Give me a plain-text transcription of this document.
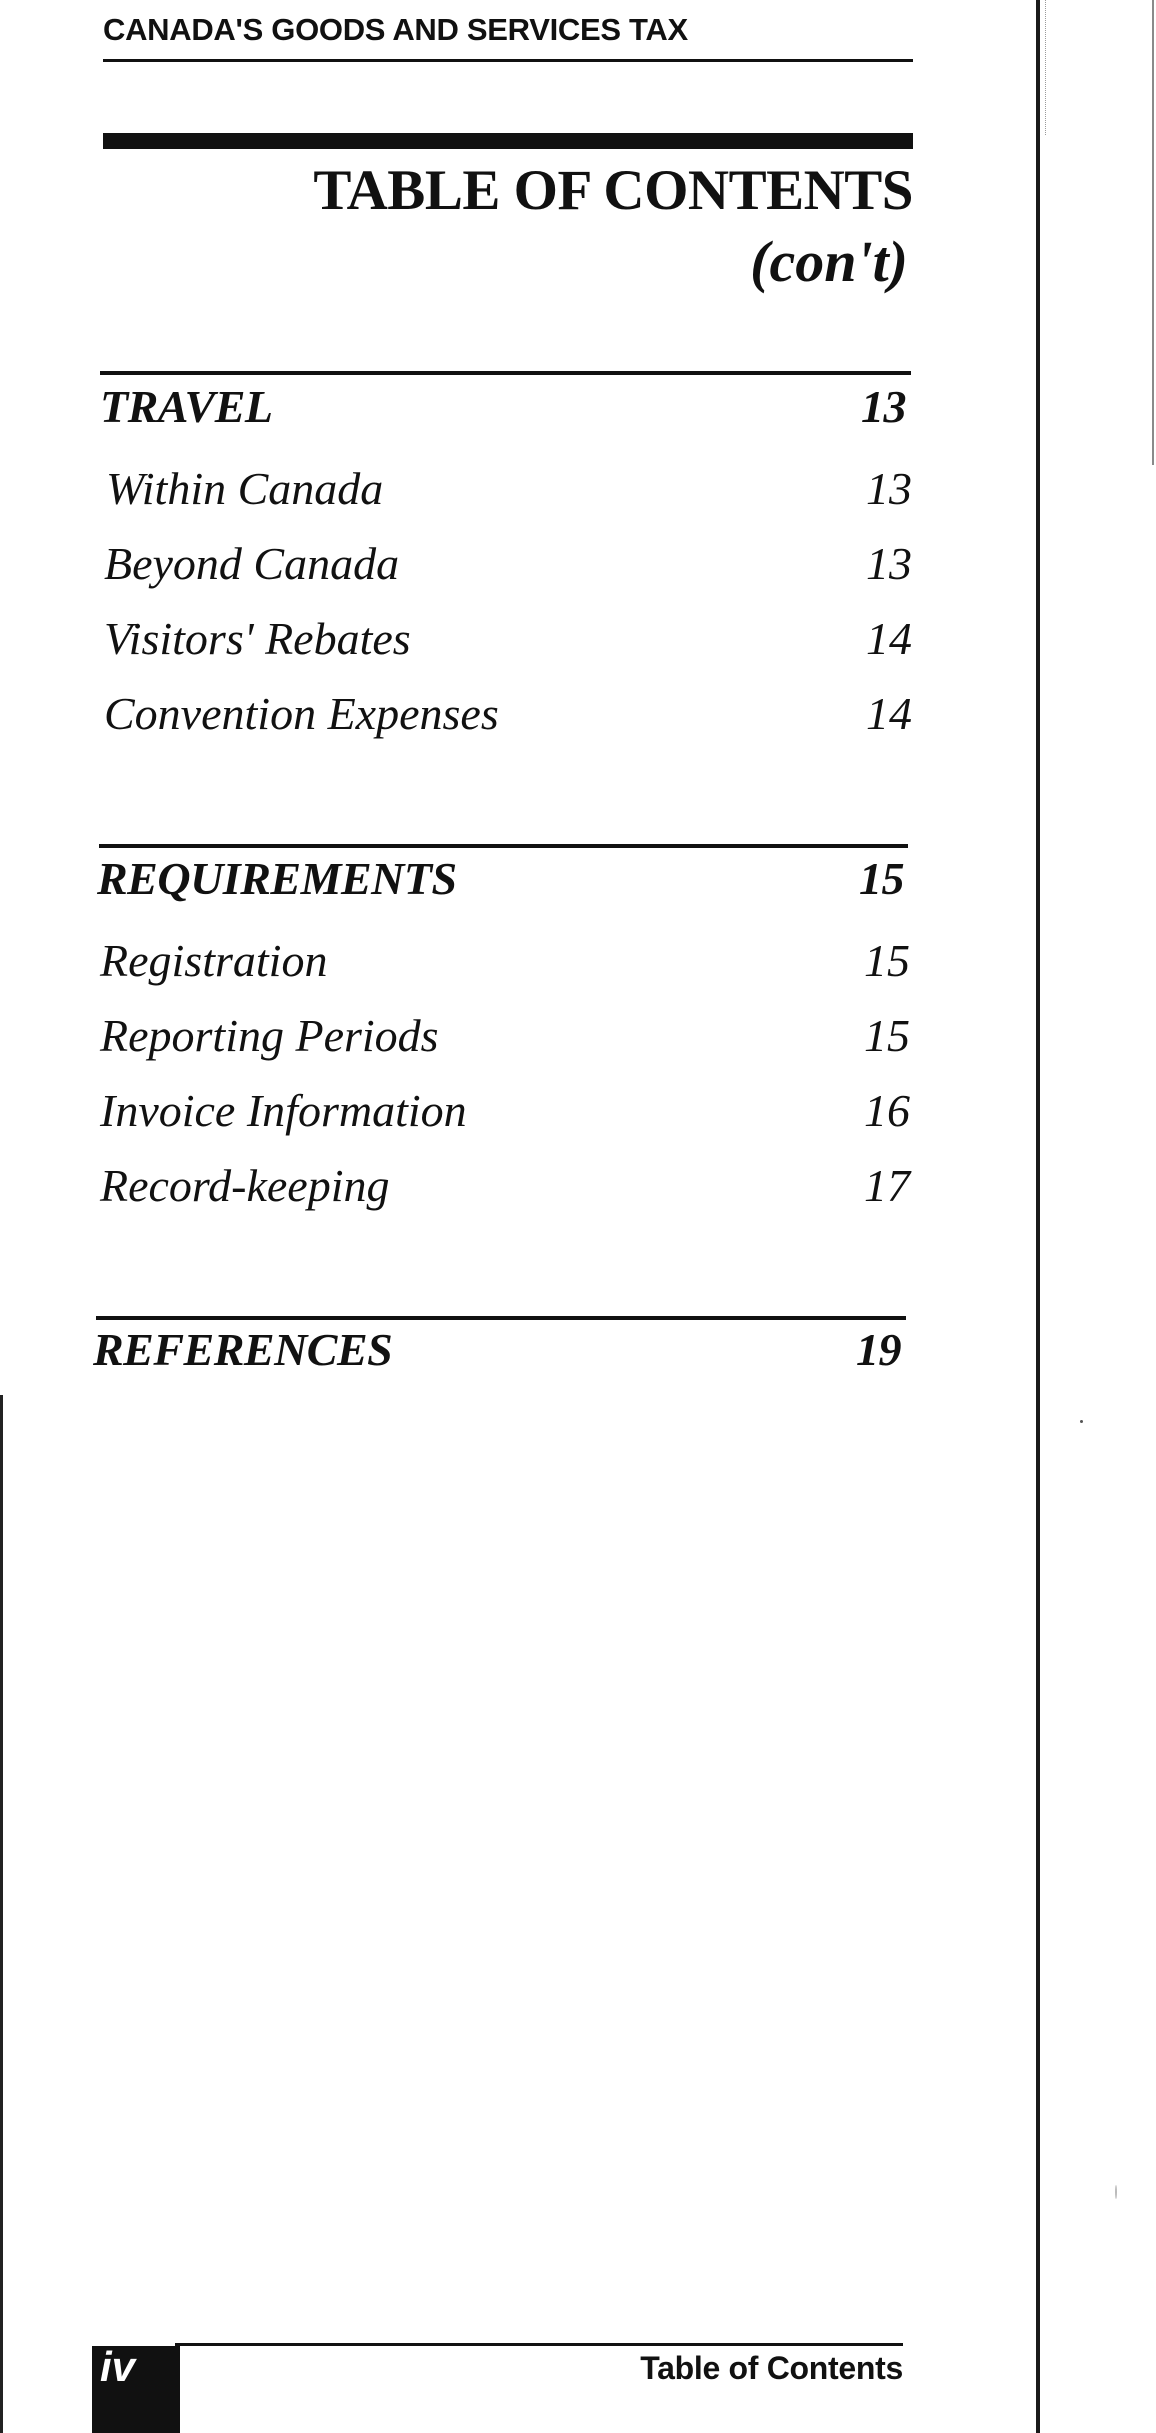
CANADA'S GOODS AND SERVICES TAX
TABLE OF CONTENTS
(con't)
TRAVEL	13
Within Canada	13
Beyond Canada	13
Visitors' Rebates	14
Convention Expenses	14
REQUIREMENTS	15
Registration	15
Reporting Periods	15
Invoice Information	16
Record-keeping	17
REFERENCES	19
iv	Table of Contents
